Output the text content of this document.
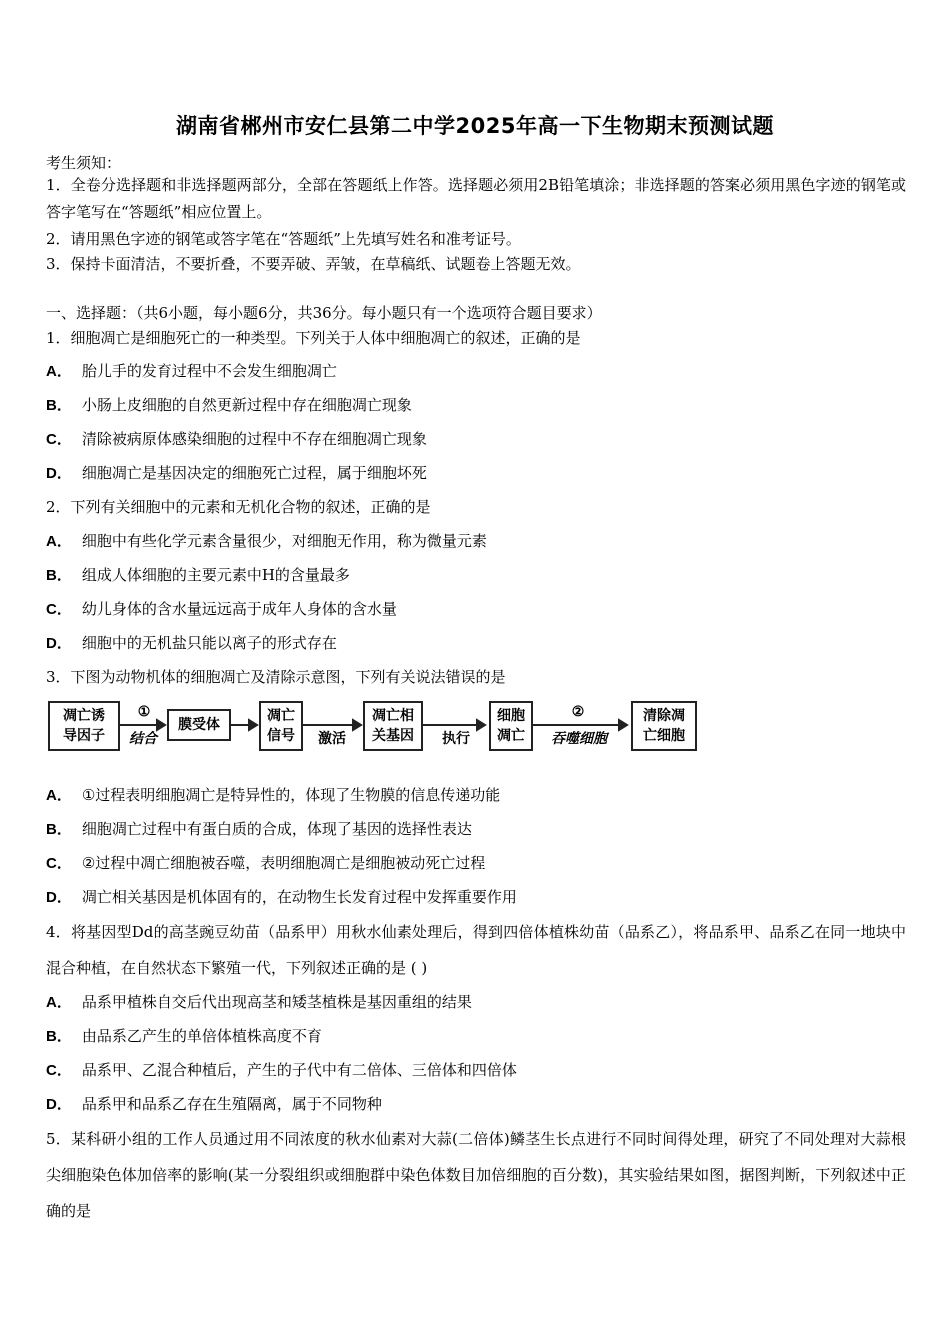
湖南省郴州市安仁县第二中学2025年高一下生物期末预测试题
考生须知：
1．全卷分选择题和非选择题两部分，全部在答题纸上作答。选择题必须用2B铅笔填涂；非选择题的答案必须用黑色字迹的钢笔或答字笔写在“答题纸”相应位置上。
2．请用黑色字迹的钢笔或答字笔在“答题纸”上先填写姓名和准考证号。
3．保持卡面清洁，不要折叠，不要弄破、弄皱，在草稿纸、试题卷上答题无效。
一、选择题：（共6小题，每小题6分，共36分。每小题只有一个选项符合题目要求）
1．细胞凋亡是细胞死亡的一种类型。下列关于人体中细胞凋亡的叙述，正确的是
A． 胎儿手的发育过程中不会发生细胞凋亡
B． 小肠上皮细胞的自然更新过程中存在细胞凋亡现象
C． 清除被病原体感染细胞的过程中不存在细胞凋亡现象
D． 细胞凋亡是基因决定的细胞死亡过程，属于细胞坏死
2．下列有关细胞中的元素和无机化合物的叙述，正确的是
A． 细胞中有些化学元素含量很少，对细胞无作用，称为微量元素
B． 组成人体细胞的主要元素中H的含量最多
C． 幼儿身体的含水量远远高于成年人身体的含水量
D． 细胞中的无机盐只能以离子的形式存在
3．下图为动物机体的细胞凋亡及清除示意图，下列有关说法错误的是
凋亡诱
导因子
①
结合
膜受体
凋亡
信号	激活
凋亡相
关基因	执行
细胞
凋亡
②
吞噬细胞
清除凋
亡细胞
A． ①过程表明细胞凋亡是特异性的，体现了生物膜的信息传递功能
B． 细胞凋亡过程中有蛋白质的合成，体现了基因的选择性表达
C． ②过程中凋亡细胞被吞噬，表明细胞凋亡是细胞被动死亡过程
D． 凋亡相关基因是机体固有的，在动物生长发育过程中发挥重要作用
4．将基因型Dd的高茎豌豆幼苗（品系甲）用秋水仙素处理后，得到四倍体植株幼苗（品系乙），将品系甲、品系乙在同一地块中混合种植，在自然状态下繁殖一代，下列叙述正确的是 ( )
A． 品系甲植株自交后代出现高茎和矮茎植株是基因重组的结果
B． 由品系乙产生的单倍体植株高度不育
C． 品系甲、乙混合种植后，产生的子代中有二倍体、三倍体和四倍体
D． 品系甲和品系乙存在生殖隔离，属于不同物种
5．某科研小组的工作人员通过用不同浓度的秋水仙素对大蒜(二倍体)鳞茎生长点进行不同时间得处理，研究了不同处理对大蒜根尖细胞染色体加倍率的影响(某一分裂组织或细胞群中染色体数目加倍细胞的百分数)，其实验结果如图，据图判断，下列叙述中正确的是
